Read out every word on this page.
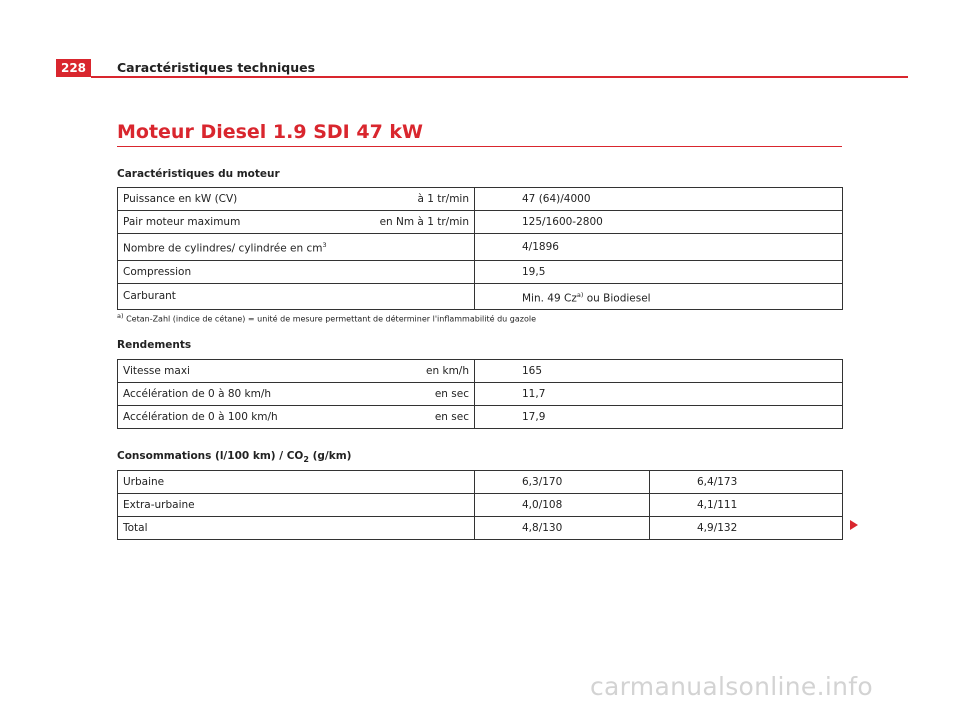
228	Caractéristiques techniques
Moteur Diesel 1.9 SDI 47 kW
Caractéristiques du moteur
Puissance en kW (CV) à 1 tr/min	47 (64)/4000

Pair moteur maximum en Nm à 1 tr/min	125/1600-2800
Nombre de cylindres/ cylindrée en $cm^3$	4/1896
Compression	19,5
Carburant	Min. 49 Cz$^{a)}$ ou Biodiesel
$^{a)}$ Cetan-Zahl (indice de cétane) = unité de mesure permettant de déterminer l'inflammabilité du gazole
Rendements
Vitesse maxi en km/h	165

Accélération de 0 à 80 km/h en sec	11,7

Accélération de 0 à 100 km/h en sec	17,9
Consommations (l/100 $km) / CO_2$ (g/km)
Urbaine	6,3/170	6,4/173
Extra-urbaine	4,0/108	4,1/111
Total	4,8/130	4,9/132
carmanualsonline.info
